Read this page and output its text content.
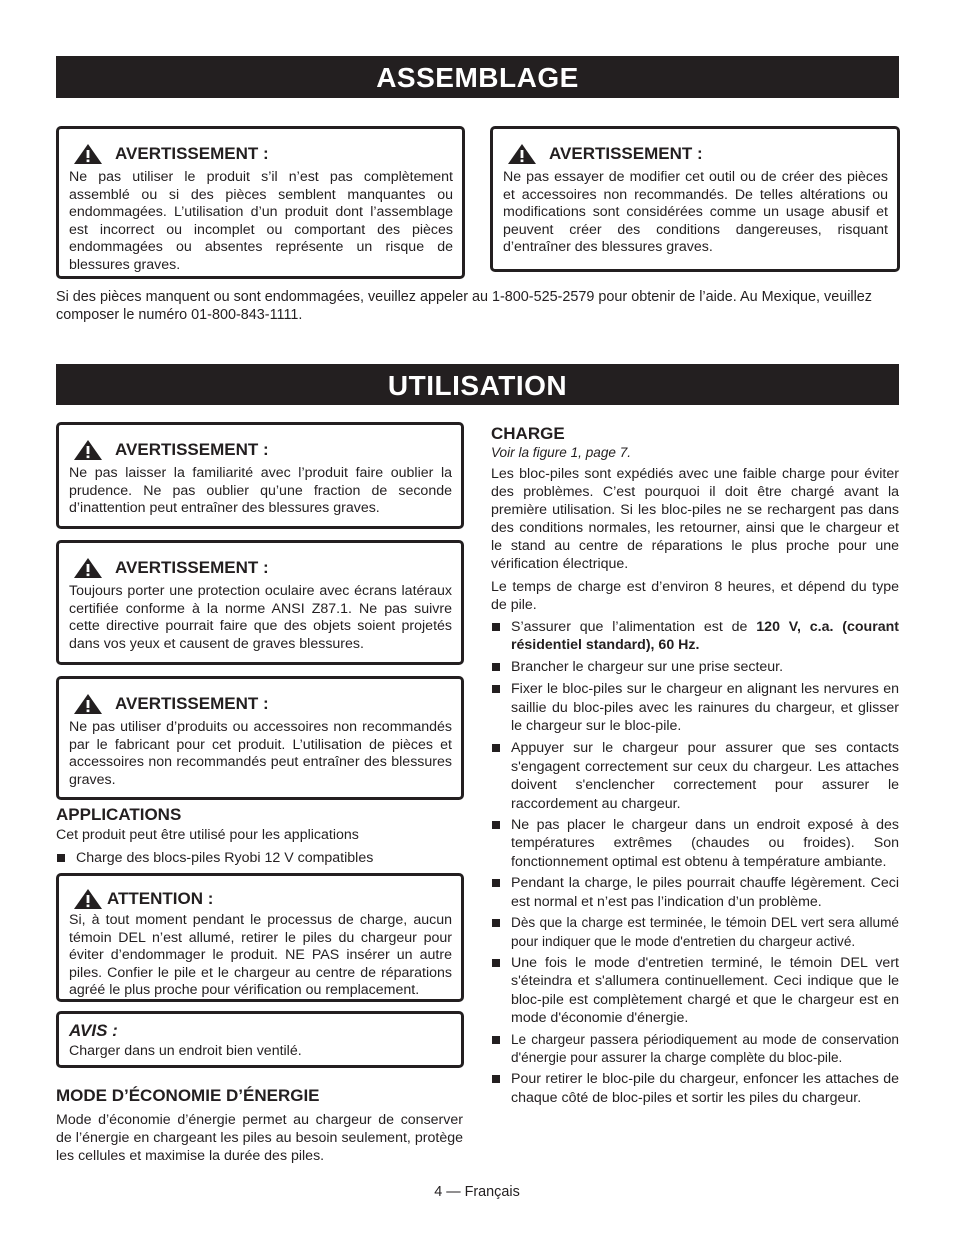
ASSEMBLAGE
AVERTISSEMENT :

Ne pas utiliser le produit s’il n’est pas complètement assemblé ou si des pièces semblent manquantes ou endommagées. L’utilisation d’un produit dont l’assemblage est incorrect ou incomplet ou comportant des pièces endommagées ou absentes représente un risque de blessures graves.

AVERTISSEMENT :

Ne pas essayer de modifier cet outil ou de créer des pièces et accessoires non recommandés. De telles altérations ou modifications sont considérées comme un usage abusif et peuvent créer des conditions dangereuses, risquant d’entraîner des blessures graves.

Si des pièces manquent ou sont endommagées, veuillez appeler au 1-800-525-2579 pour obtenir de l’aide. Au Mexique, veuillez composer le numéro 01-800-843-1111.

UTILISATION
AVERTISSEMENT :

Ne pas laisser la familiarité avec l’produit faire oublier la prudence. Ne pas oublier qu’une fraction de seconde d’inattention peut entraîner des blessures graves.

AVERTISSEMENT :

Toujours porter une protection oculaire avec écrans latéraux certifiée conforme à la norme ANSI Z87.1. Ne pas suivre cette directive pourrait faire que des objets soient projetés dans vos yeux et causent de graves blessures.

AVERTISSEMENT :

Ne pas utiliser d’produits ou accessoires non recommandés par le fabricant pour cet produit. L’utilisation de pièces et accessoires non recommandés peut entraîner des blessures graves.

APPLICATIONS

Cet produit peut être utilisé pour les applications

Charge des blocs-piles Ryobi 12 V compatibles
ATTENTION :

Si, à tout moment pendant le processus de charge, aucun témoin DEL n’est allumé, retirer le piles du chargeur pour éviter d’endommager le produit. NE PAS insérer un autre piles. Confier le pile et le chargeur au centre de réparations agréé le plus proche pour vérification ou remplacement.

AVIS :

Charger dans un endroit bien ventilé.

MODE D’ÉCONOMIE D’ÉNERGIE

Mode d’économie d’énergie permet au chargeur de conserver de l’énergie en chargeant les piles au besoin seulement, protège les cellules et maximise la durée des piles.

CHARGE
Voir la figure 1, page 7.

Les bloc-piles sont expédiés avec une faible charge pour éviter des problèmes. C’est pourquoi il doit être chargé avant la première utilisation. Si les bloc-piles ne se rechargent pas dans des conditions normales, les retourner, ainsi que le chargeur et le stand au centre de réparations le plus proche pour une vérification électrique.

Le temps de charge est d’environ 8 heures, et dépend du type de pile.

S’assurer que l’alimentation est de 120 V, c.a. (courant résidentiel standard), 60 Hz.
Brancher le chargeur sur une prise secteur.
Fixer le bloc-piles sur le chargeur en alignant les nervures en saillie du bloc-piles avec les rainures du chargeur, et glisser le chargeur sur le bloc-pile.
Appuyer sur le chargeur pour assurer que ses contacts s'engagent correctement sur ceux du chargeur. Les attaches doivent s'enclencher correctement pour assurer le raccordement au chargeur.
Ne pas placer le chargeur dans un endroit exposé à des températures extrêmes (chaudes ou froides). Son fonctionnement optimal est obtenu à température ambiante.
Pendant la charge, le piles pourrait chauffe légèrement. Ceci est normal et n’est pas l’indication d’un problème.
Dès que la charge est terminée, le témoin DEL vert sera allumé pour indiquer que le mode d'entretien du chargeur activé.
Une fois le mode d'entretien terminé, le témoin DEL vert s'éteindra et s'allumera continuellement. Ceci indique que le bloc-pile est complètement chargé et que le chargeur est en mode d'économie d'énergie.
Le chargeur passera périodiquement au mode de conservation d'énergie pour assurer la charge complète du bloc-pile.
Pour retirer le bloc-pile du chargeur, enfoncer les attaches de chaque côté de bloc-piles et sortir les piles du chargeur.
4 — Français
